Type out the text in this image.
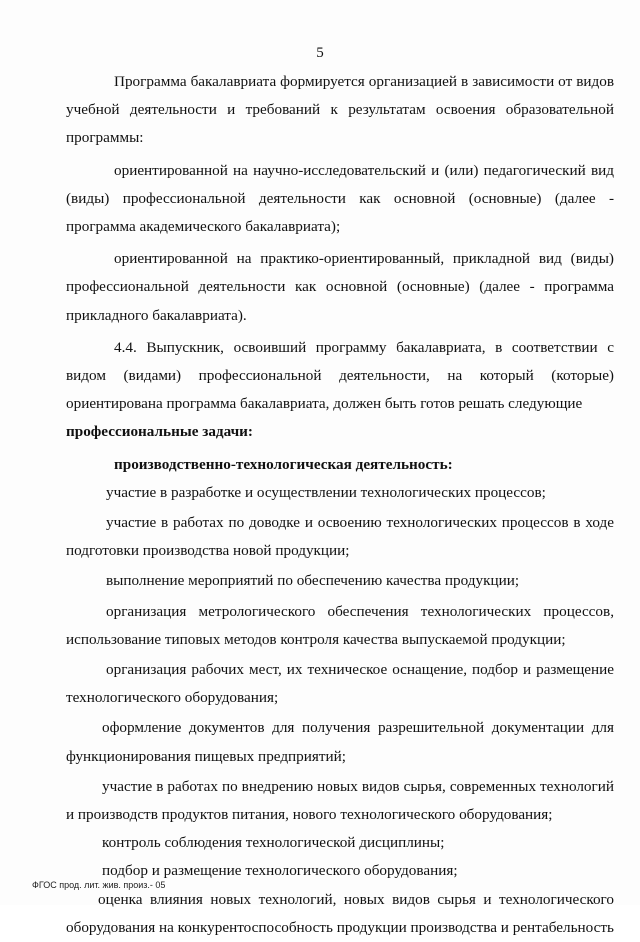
5

Программа бакалавриата формируется организацией в зависимости от видов учебной деятельности и требований к результатам освоения образовательной программы:

ориентированной на научно-исследовательский и (или) педагогический вид (виды) профессиональной деятельности как основной (основные) (далее - программа академического бакалавриата);

ориентированной на практико-ориентированный, прикладной вид (виды) профессиональной деятельности как основной (основные) (далее - программа прикладного бакалавриата).

4.4. Выпускник, освоивший программу бакалавриата, в соответствии с видом (видами) профессиональной деятельности, на который (которые) ориентирована программа бакалавриата, должен быть готов решать следующие

профессиональные задачи:

производственно-технологическая деятельность:

участие в разработке и осуществлении технологических процессов;

участие в работах по доводке и освоению технологических процессов в ходе подготовки производства новой продукции;

выполнение мероприятий по обеспечению качества продукции;

организация метрологического обеспечения технологических процессов, использование типовых методов контроля качества выпускаемой продукции;

организация рабочих мест, их техническое оснащение, подбор и размещение технологического оборудования;

оформление документов для получения разрешительной документации для функционирования пищевых предприятий;

участие в работах по внедрению новых видов сырья, современных технологий и производств продуктов питания, нового технологического оборудования;

контроль соблюдения технологической дисциплины;

подбор и размещение технологического оборудования;

оценка влияния новых технологий, новых видов сырья и технологического оборудования на конкурентоспособность продукции производства и рентабельность

ФГОС прод. лит. жив. произ.- 05
